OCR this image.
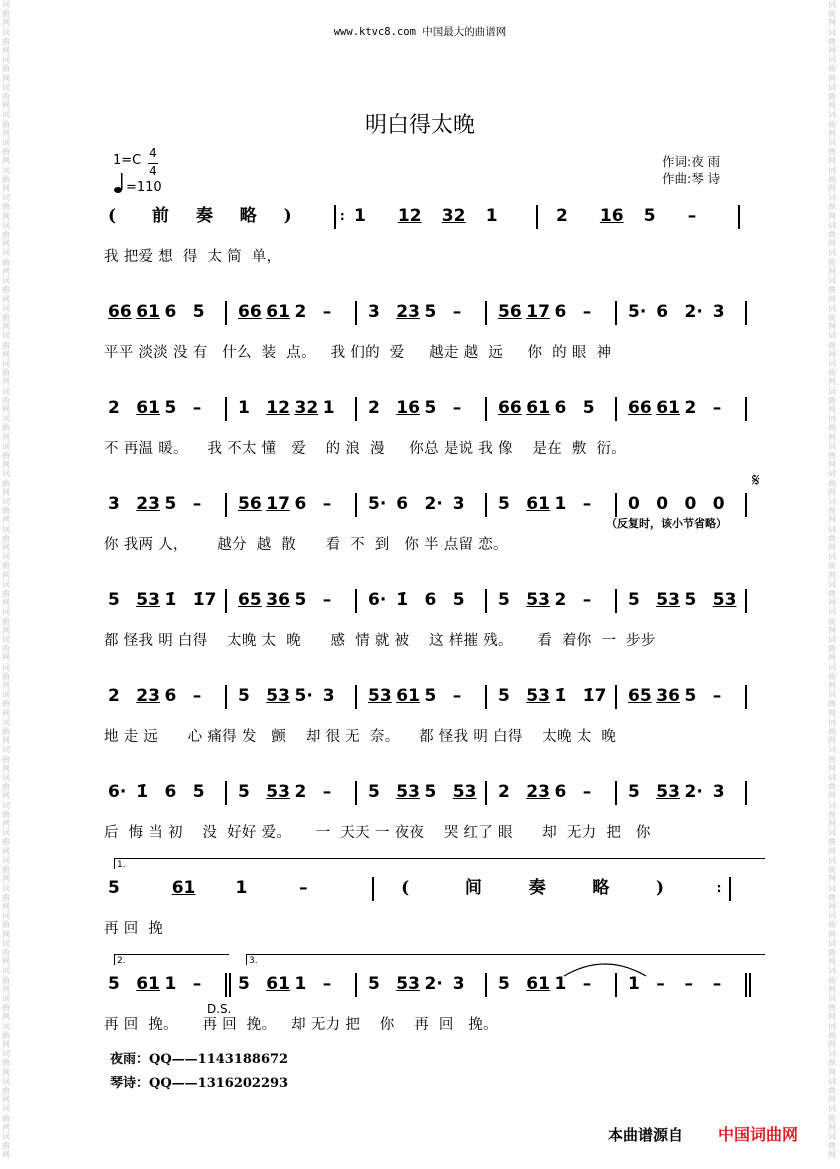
词曲网词曲网词曲网词曲网词曲网词曲网词曲网词曲网词曲网词曲网词曲网词曲网词曲网词曲网词曲网词曲网词曲网词曲网词曲网词曲网词曲网词曲网词曲网词曲网词曲网词曲网词曲网词曲网词曲网词曲网词曲网词曲网词曲网词曲网词曲网词曲网词曲网词曲网词曲网词曲网词曲网词曲网
词曲网词曲网词曲网词曲网词曲网词曲网词曲网词曲网词曲网词曲网词曲网词曲网词曲网词曲网词曲网词曲网词曲网词曲网词曲网词曲网词曲网词曲网词曲网词曲网词曲网词曲网词曲网词曲网词曲网词曲网词曲网词曲网词曲网词曲网词曲网词曲网词曲网词曲网词曲网词曲网词曲网词曲网
www.ktvc8.com 中国最大的曲谱网
明白得太晚
1=C 4
4
=110
作词:夜 雨
作曲:琴 诗
( 前 奏 略 )	: 1 12 32 1	2 16 5 –
我 把爱 想  得  太 简  单，
66 61 6 5 66 61 2 – 3 23 5 – 56 17 6 – 5· 6 2· 3
平平 淡淡 没 有   什么  装  点。   我 们的  爱     越走 越  远     你  的 眼  神
2 61 5 – 1 12 32 1 2 16 5 – 66 61 6 5 66 61 2 –
不 再温 暖。    我 不太 懂   爱    的 浪  漫     你总 是说 我 像    是在  敷  衍。
3 23 5 – 56 17 6 – 5· 6 2· 3 5 61 1 – 0 0 0 0
你 我两 人，      越分  越  散      看  不  到   你 半 点留 恋。
5 53 1̇ 1̇7 65 36 5 – 6· 1̇ 6 5 5 53 2 – 5 53 5 53
都 怪我 明 白得    太晚 太  晚      感  情 就 被    这 样摧 残。     看  着你  一  步步
2 23 6 – 5 53 5· 3 53 61 5 – 5 53 1̇ 1̇7 65 36 5 –
地 走 远      心 痛得 发   颤    却 很 无  奈。    都 怪我 明 白得    太晚 太  晚
6· 1̇ 6 5 5 53 2 – 5 53 5 53 2 23 6 – 5 53 2· 3
后  悔 当 初    没  好好 爱。     一  天天 一 夜夜    哭 红了 眼      却  无力  把   你
5	61 1	–	(	间	奏	略	)	:
再 回  挽
5 61 1 – 5 61 1 – 5 53 2· 3 5 61 1 – 1 – – –
再 回  挽。     再 回  挽。   却 无力 把    你    再  回   挽。
（反复时，该小节省略）
𝄋
1.
2.	3.
D.S.
夜雨：QQ——1143188672
琴诗：QQ——1316202293
本曲谱源自 中国词曲网
